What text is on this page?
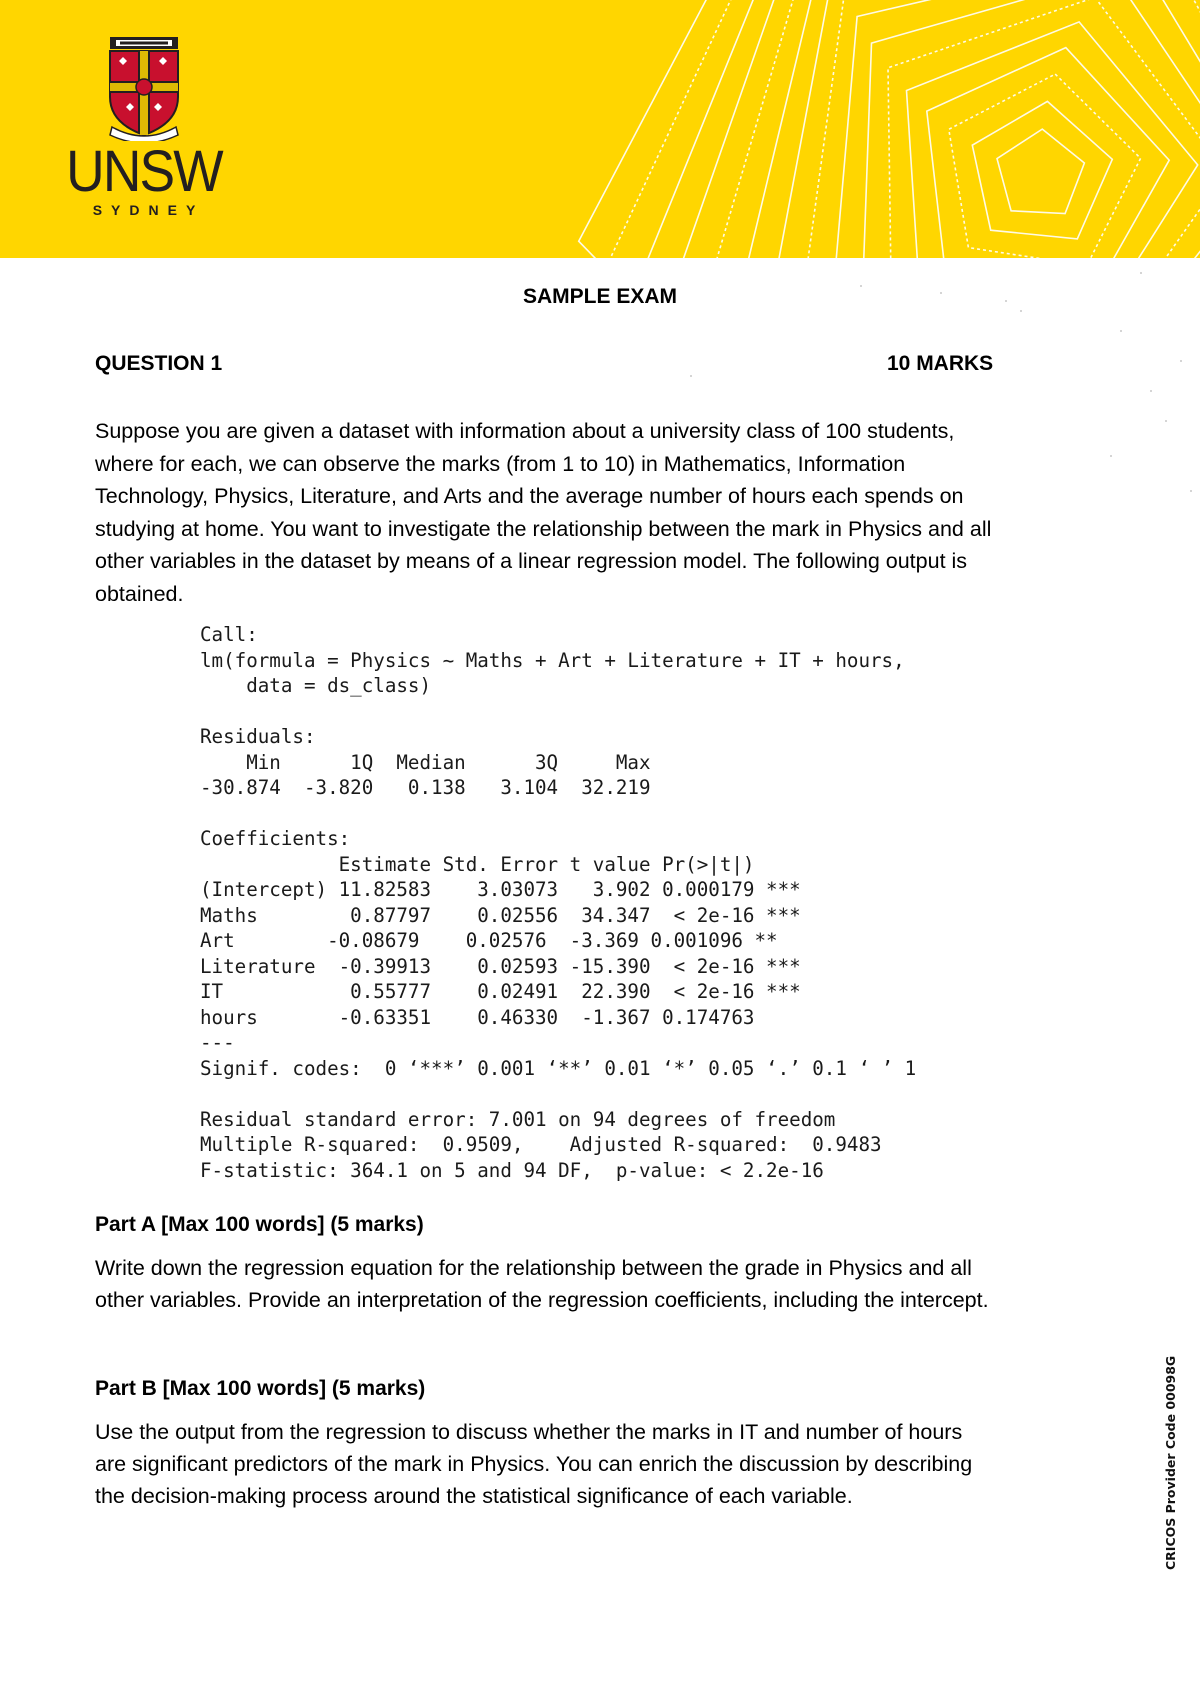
UNSW
SYDNEY
SAMPLE EXAM
QUESTION 1	10 MARKS

Suppose you are given a dataset with information about a university class of 100 students,

where for each, we can observe the marks (from 1 to 10) in Mathematics, Information

Technology, Physics, Literature, and Arts and the average number of hours each spends on

studying at home. You want to investigate the relationship between the mark in Physics and all

other variables in the dataset by means of a linear regression model. The following output is

obtained.

Call:
lm(formula = Physics ~ Maths + Art + Literature + IT + hours,
data = ds_class)

Residuals:
Min      1Q  Median      3Q     Max
-30.874  -3.820   0.138   3.104  32.219

Coefficients:
Estimate Std. Error t value Pr(>|t|)
(Intercept) 11.82583    3.03073   3.902 0.000179 ***
Maths        0.87797    0.02556  34.347  < 2e-16 ***
Art        -0.08679    0.02576  -3.369 0.001096 **
Literature  -0.39913    0.02593 -15.390  < 2e-16 ***
IT           0.55777    0.02491  22.390  < 2e-16 ***
hours       -0.63351    0.46330  -1.367 0.174763
---
Signif. codes:  0 ‘***’ 0.001 ‘**’ 0.01 ‘*’ 0.05 ‘.’ 0.1 ‘ ’ 1

Residual standard error: 7.001 on 94 degrees of freedom
Multiple R-squared:  0.9509,    Adjusted R-squared:  0.9483
F-statistic: 364.1 on 5 and 94 DF,  p-value: < 2.2e-16
Part A [Max 100 words] (5 marks)
Write down the regression equation for the relationship between the grade in Physics and all
other variables. Provide an interpretation of the regression coefficients, including the intercept.
Part B [Max 100 words] (5 marks)
Use the output from the regression to discuss whether the marks in IT and number of hours
are significant predictors of the mark in Physics. You can enrich the discussion by describing
the decision-making process around the statistical significance of each variable.	CRICOS Provider Code 00098G
